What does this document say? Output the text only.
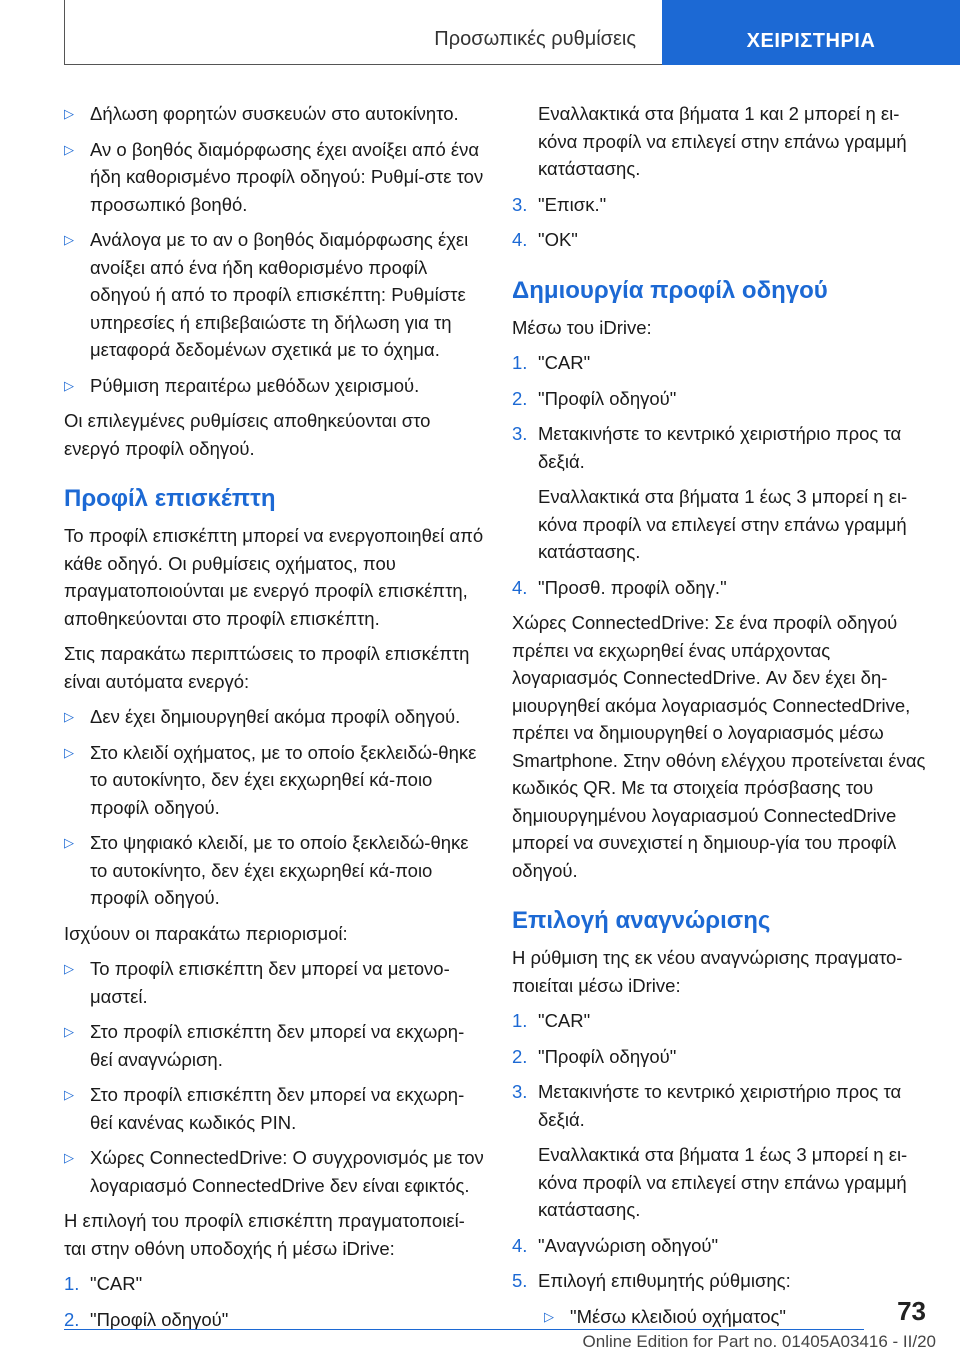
Προσωπικές ρυθμίσεις	ΧΕΙΡΙΣΤΗΡΙΑ
▷ Δήλωση φορητών συσκευών στο αυτοκίνητο.
▷ Αν ο βοηθός διαμόρφωσης έχει ανοίξει από ένα ήδη καθορισμένο προφίλ οδηγού: Ρυθμί-στε τον προσωπικό βοηθό.
▷ Ανάλογα με το αν ο βοηθός διαμόρφωσης έχει ανοίξει από ένα ήδη καθορισμένο προφίλ οδηγού ή από το προφίλ επισκέπτη: Ρυθμίστε υπηρεσίες ή επιβεβαιώστε τη δήλωση για τη μεταφορά δεδομένων σχετικά με το όχημα.
▷ Ρύθμιση περαιτέρω μεθόδων χειρισμού.

Οι επιλεγμένες ρυθμίσεις αποθηκεύονται στο ενεργό προφίλ οδηγού.

Προφίλ επισκέπτη

Το προφίλ επισκέπτη μπορεί να ενεργοποιηθεί από κάθε οδηγό. Οι ρυθμίσεις οχήματος, που πραγματοποιούνται με ενεργό προφίλ επισκέπτη, αποθηκεύονται στο προφίλ επισκέπτη.

Στις παρακάτω περιπτώσεις το προφίλ επισκέπτη είναι αυτόματα ενεργό:

▷ Δεν έχει δημιουργηθεί ακόμα προφίλ οδηγού.
▷ Στο κλειδί οχήματος, με το οποίο ξεκλειδώ-θηκε το αυτοκίνητο, δεν έχει εκχωρηθεί κά-ποιο προφίλ οδηγού.
▷ Στο ψηφιακό κλειδί, με το οποίο ξεκλειδώ-θηκε το αυτοκίνητο, δεν έχει εκχωρηθεί κά-ποιο προφίλ οδηγού.

Ισχύουν οι παρακάτω περιορισμοί:

▷ Το προφίλ επισκέπτη δεν μπορεί να μετονο-μαστεί.
▷ Στο προφίλ επισκέπτη δεν μπορεί να εκχωρη-θεί αναγνώριση.
▷ Στο προφίλ επισκέπτη δεν μπορεί να εκχωρη-θεί κανένας κωδικός PIN.
▷ Χώρες ConnectedDrive: Ο συγχρονισμός με τον λογαριασμό ConnectedDrive δεν είναι εφικτός.

Η επιλογή του προφίλ επισκέπτη πραγματοποιεί-ται στην οθόνη υποδοχής ή μέσω iDrive:

1. "CAR"
2. "Προφίλ οδηγού"

Εναλλακτικά στα βήματα 1 και 2 μπορεί η ει-κόνα προφίλ να επιλεγεί στην επάνω γραμμή κατάστασης.

3. "Επισκ."
4. "OK"
Δημιουργία προφίλ οδηγού

Μέσω του iDrive:

1. "CAR"
2. "Προφίλ οδηγού"
3. Μετακινήστε το κεντρικό χειριστήριο προς τα δεξιά.

Εναλλακτικά στα βήματα 1 έως 3 μπορεί η ει-κόνα προφίλ να επιλεγεί στην επάνω γραμμή κατάστασης.

4. "Προσθ. προφίλ οδηγ."

Χώρες ConnectedDrive: Σε ένα προφίλ οδηγού πρέπει να εκχωρηθεί ένας υπάρχοντας λογαριασμός ConnectedDrive. Αν δεν έχει δη-μιουργηθεί ακόμα λογαριασμός ConnectedDrive, πρέπει να δημιουργηθεί ο λογαριασμός μέσω Smartphone. Στην οθόνη ελέγχου προτείνεται ένας κωδικός QR. Με τα στοιχεία πρόσβασης του δημιουργημένου λογαριασμού ConnectedDrive μπορεί να συνεχιστεί η δημιουρ-γία του προφίλ οδηγού.

Επιλογή αναγνώρισης

Η ρύθμιση της εκ νέου αναγνώρισης πραγματο-ποιείται μέσω iDrive:

1. "CAR"
2. "Προφίλ οδηγού"
3. Μετακινήστε το κεντρικό χειριστήριο προς τα δεξιά.

Εναλλακτικά στα βήματα 1 έως 3 μπορεί η ει-κόνα προφίλ να επιλεγεί στην επάνω γραμμή κατάστασης.

4. "Αναγνώριση οδηγού"
5. Επιλογή επιθυμητής ρύθμισης:
▷ "Μέσω κλειδιού οχήματος"	73
Online Edition for Part no. 01405A03416 - II/20
